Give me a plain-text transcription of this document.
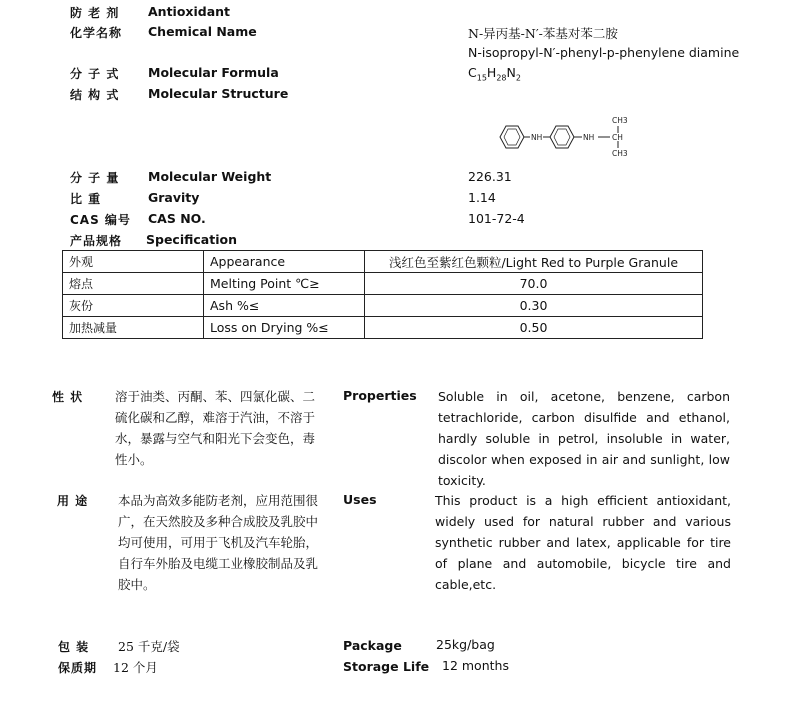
防 老 剂 Antioxidant
化学名称 Chemical Name	N-异丙基-N′-苯基对苯二胺
N-isopropyl-N′-phenyl-p-phenylene diamine
分 子 式 Molecular Formula	$C_{15}H_{28}N_2$
结 构 式 Molecular Structure
NH	NH CH
CH3
CH3
分 子 量 Molecular Weight	226.31
比 重	Gravity	1.14
CAS 编号 CAS NO.	101-72-4
产品规格 Specification
外观	Appearance	浅红色至紫红色颗粒/Light Red to Purple Granule
熔点	Melting Point ℃≥	70.0
灰份	Ash %≤	0.30
加热减量	Loss on Drying %≤	0.50
性 状	溶于油类、丙酮、苯、四氯化碳、二硫化碳和乙醇，难溶于汽油，不溶于水，暴露与空气和阳光下会变色，毒性小。
Properties Soluble in oil, acetone, benzene, carbon tetrachloride, carbon disulfide and ethanol, hardly soluble in petrol, insoluble in water, discolor when exposed in air and sunlight, low toxicity.
用 途 本品为高效多能防老剂，应用范围很广，在天然胶及多种合成胶及乳胶中均可使用，可用于飞机及汽车轮胎，自行车外胎及电缆工业橡胶制品及乳胶中。
Uses	This product is a high efficient antioxidant, widely used for natural rubber and various synthetic rubber and latex, applicable for tire of plane and automobile, bicycle tire and cable,etc.
包 装 25 千克/袋	Package	25kg/bag
保质期 12 个月	Storage Life 12 months
